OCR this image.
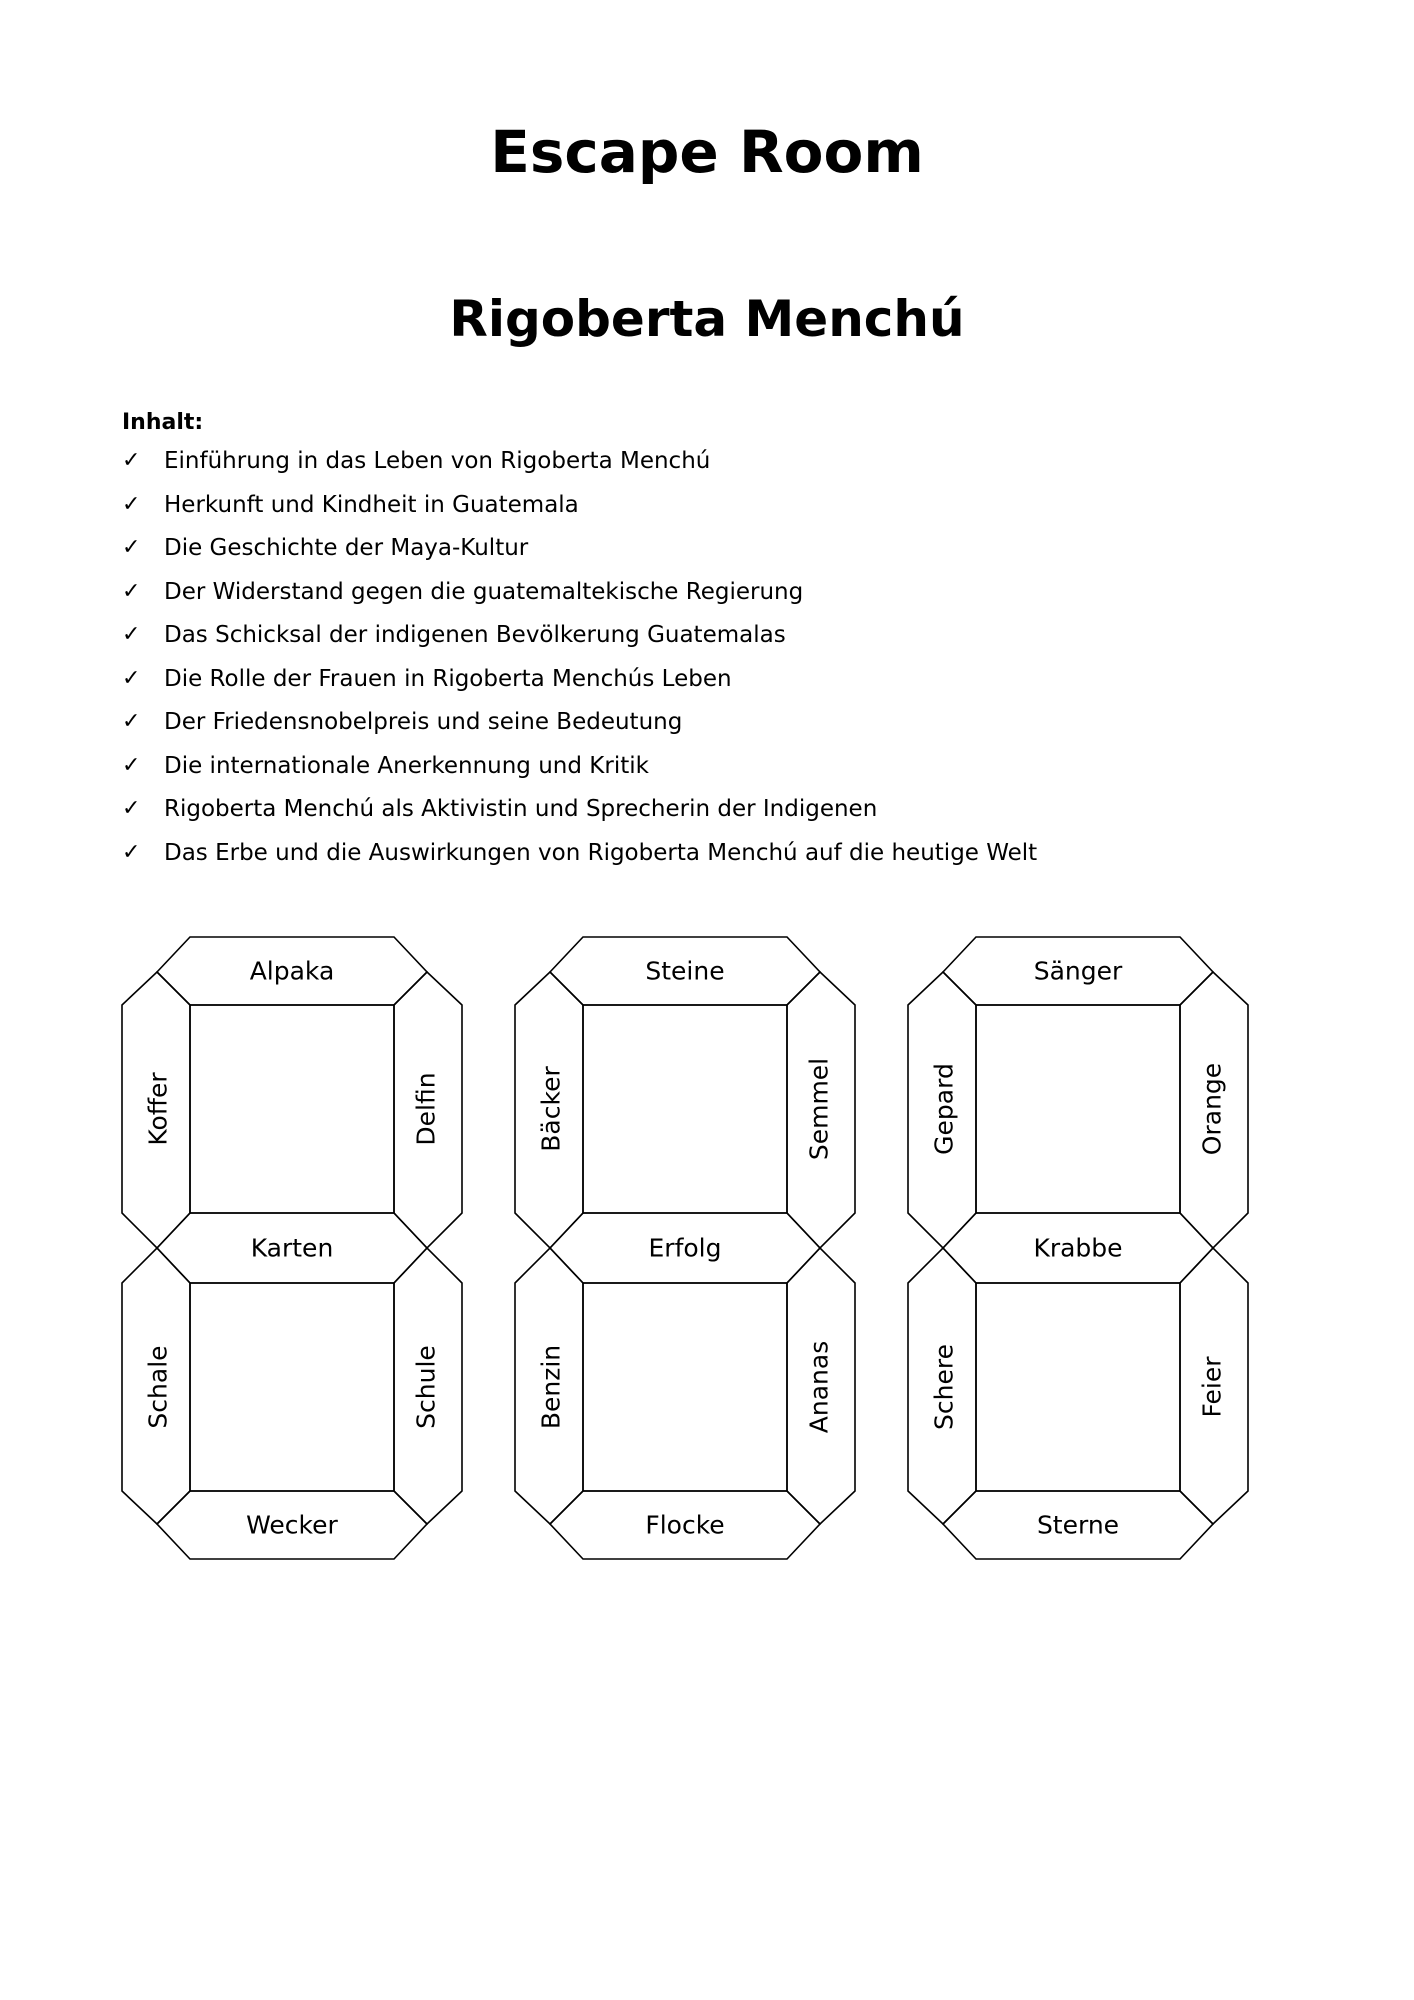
Escape Room
Rigoberta Menchú

Inhalt:

✓	Einführung in das Leben von Rigoberta Menchú
✓	Herkunft und Kindheit in Guatemala
✓	Die Geschichte der Maya-Kultur
✓	Der Widerstand gegen die guatemaltekische Regierung
✓	Das Schicksal der indigenen Bevölkerung Guatemalas
✓	Die Rolle der Frauen in Rigoberta Menchús Leben
✓	Der Friedensnobelpreis und seine Bedeutung
✓	Die internationale Anerkennung und Kritik
✓	Rigoberta Menchú als Aktivistin und Sprecherin der Indigenen
✓	Das Erbe und die Auswirkungen von Rigoberta Menchú auf die heutige Welt
Alpaka
Koffer	Delfin
Karten
Schale	Schule
Wecker
Steine
Bäcker	Semmel
Erfolg
Benzin	Ananas
Flocke
Sänger
Gepard	Orange
Krabbe
Schere	Feier
Sterne
